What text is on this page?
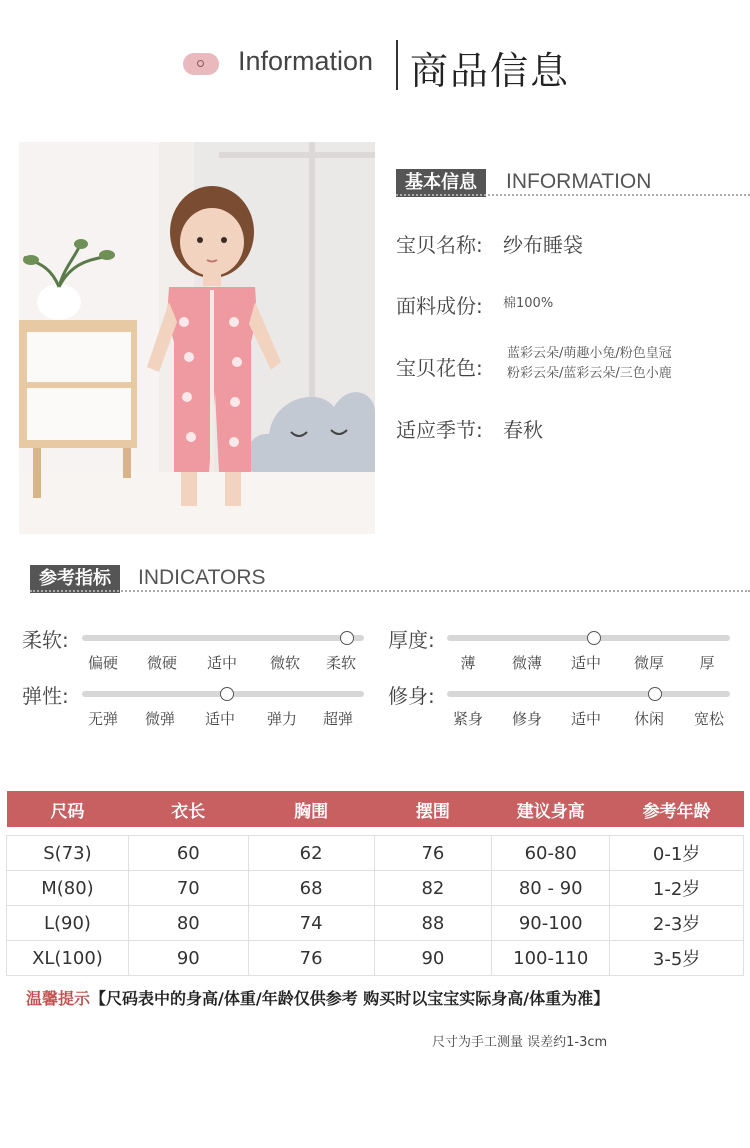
Information 商品信息
基本信息	INFORMATION
宝贝名称: 纱布睡袋
面料成份: 棉100%
宝贝花色:
蓝彩云朵/萌趣小兔/粉色皇冠
粉彩云朵/蓝彩云朵/三色小鹿
适应季节: 春秋
参考指标	INDICATORS
柔软:
偏硬	微硬	适中	微软	柔软
厚度:
薄	微薄	适中	微厚	厚
弹性:
无弹	微弹	适中	弹力	超弹
修身:
紧身	修身	适中	休闲	宽松
尺码	衣长	胸围	摆围	建议身高	参考年龄

S(73)	60	62	76	60-80	0-1岁
M(80)	70	68	82	80 - 90	1-2岁
L(90)	80	74	88	90-100	2-3岁
XL(100)	90	76	90	100-110	3-5岁
温馨提示【尺码表中的身高/体重/年龄仅供参考 购买时以宝宝实际身高/体重为准】
尺寸为手工测量 误差约1-3cm
